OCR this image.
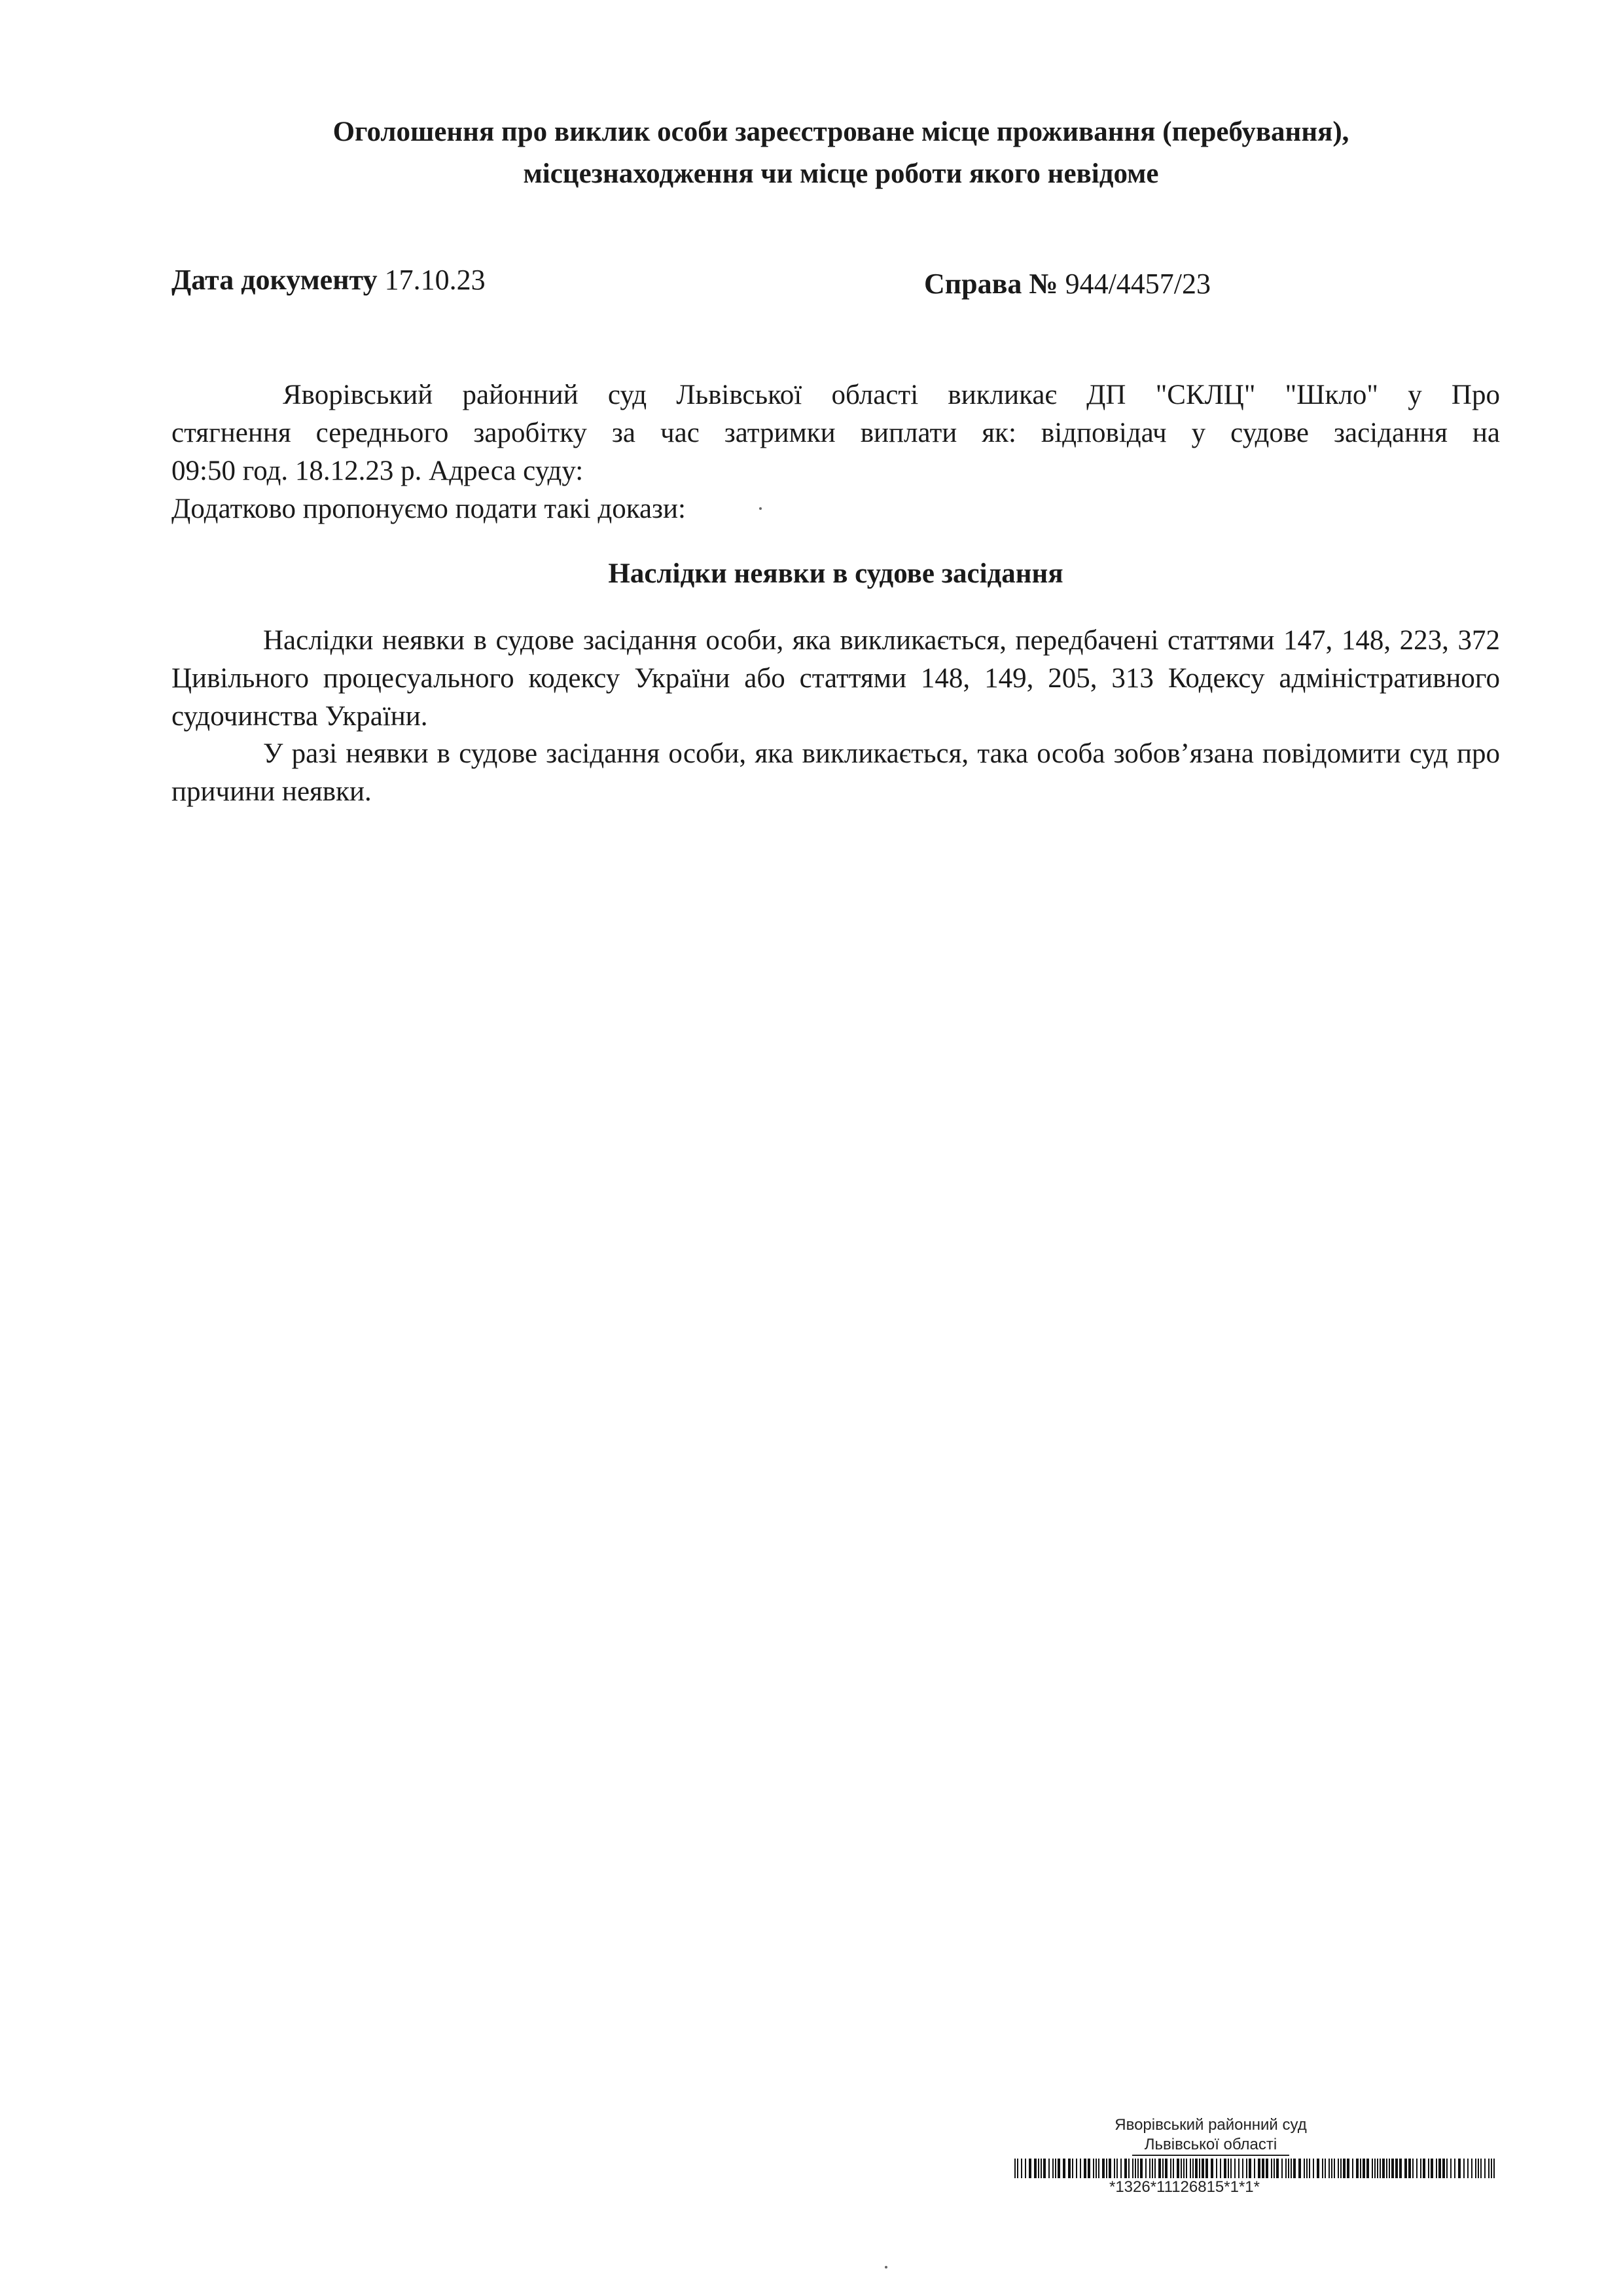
Оголошення про виклик особи зареєстроване місце проживання (перебування),
місцезнаходження чи місце роботи якого невідоме
Дата документу 17.10.23	Справа № 944/4457/23
Яворівський районний суд Львівської області викликає ДП "СКЛЦ" "Шкло" у Про
стягнення середнього заробітку за час затримки виплати як: відповідач у судове засідання на
09:50 год. 18.12.23 р. Адреса суду:
Додатково пропонуємо подати такі докази:
Наслідки неявки в судове засідання
Наслідки неявки в судове засідання особи, яка викликається, передбачені статтями 147, 148, 223, 372 Цивільного процесуального кодексу України або статтями 148, 149, 205, 313 Кодексу адміністративного судочинства України.
У разі неявки в судове засідання особи, яка викликається, така особа зобов’язана повідомити суд про причини неявки.
Яворівський районний суд
Львівської області
*1326*11126815*1*1*
